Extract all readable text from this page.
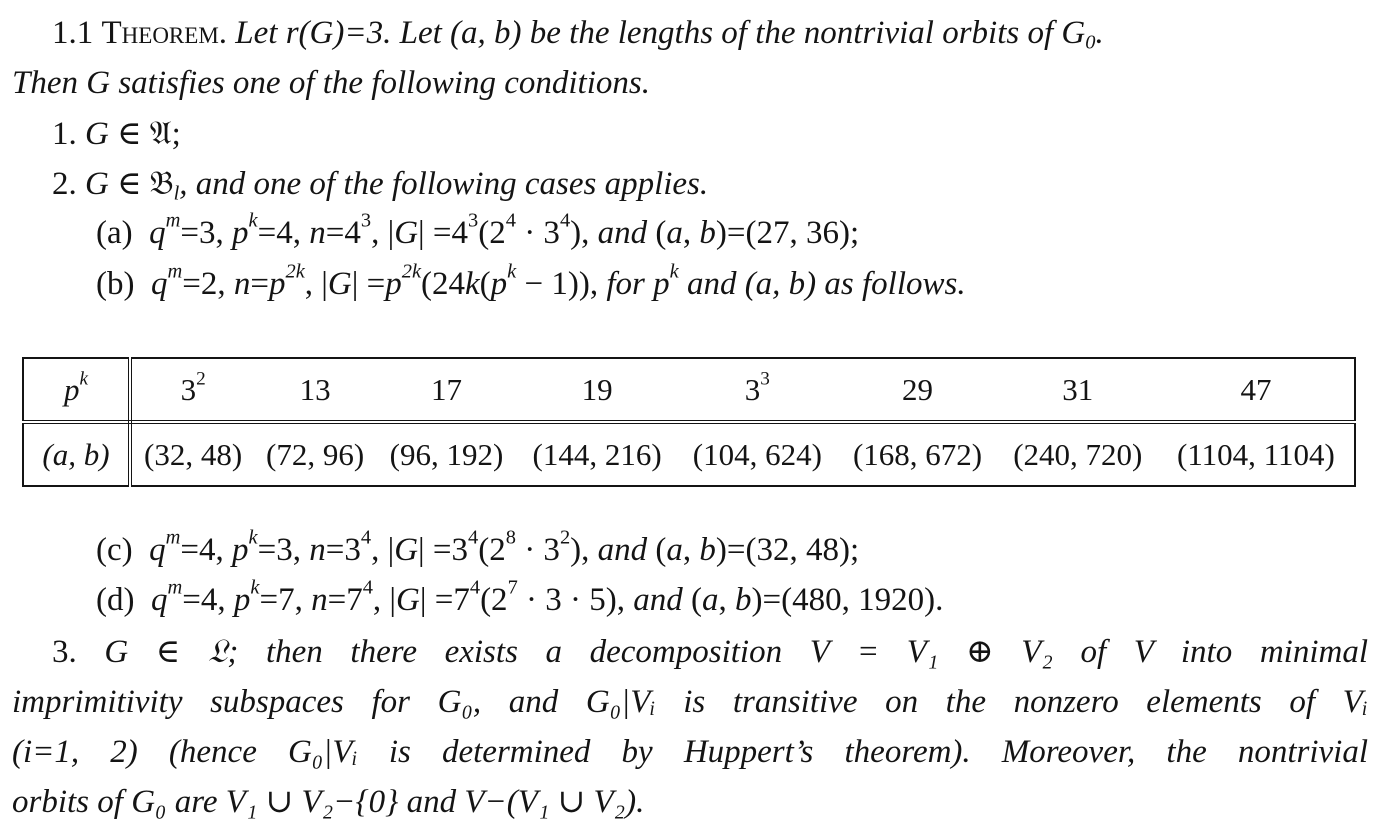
1.1 Theorem. Let r(G)=3. Let (a, b) be the lengths of the nontrivial orbits of $G_0$.
Then G satisfies one of the following conditions.
1. G ∈ 𝔄;
2. G ∈ 𝔅$_l$, and one of the following cases applies.
(a) $q^m=3$, $p^k=4$, $n=4^3$, $|G| =4^3(2^4 \cdot 3^4)$, and (a, b)=(27, 36);
(b) $q^m=2$, $n=p^{2k}$, $|G| =p^{2k}(24k(p^k - 1))$, for $p^k$ and (a, b) as follows.
$p^k$	$3^2$	13	17	19	$3^3$	29	31	47
(a, b)	(32, 48)	(72, 96)	(96, 192)	(144, 216)	(104, 624)	(168, 672)	(240, 720)	(1104, 1104)
(c) $q^m=4$, $p^k=3$, $n=3^4$, $|G| =3^4(2^8 \cdot 3^2)$, and (a, b)=(32, 48);
(d) $q^m=4$, $p^k=7$, $n=7^4$, $|G| =7^4(2^7 \cdot 3 \cdot 5)$, and (a, b)=(480, 1920).
3. G ∈ 𝔏; then there exists a decomposition V = V₁ ⊕ V₂ of V into minimal
imprimitivity subspaces for G₀, and G₀|Vᵢ is transitive on the nonzero elements of Vᵢ
(i=1, 2) (hence G₀|Vᵢ is determined by Huppert’s theorem). Moreover, the nontrivial
orbits of G₀ are V₁ ∪ V₂−{0} and V−(V₁ ∪ V₂).
